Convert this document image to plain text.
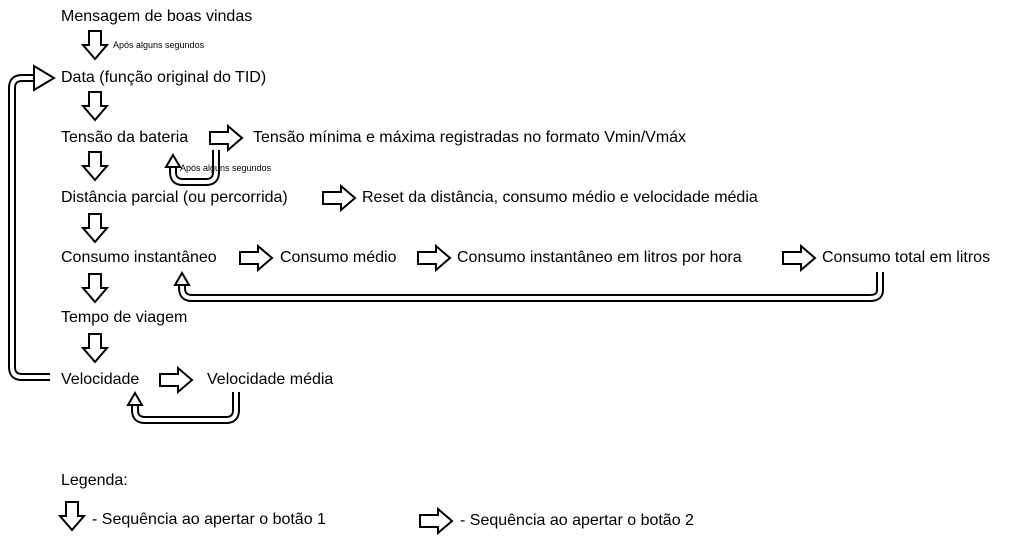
Mensagem de boas vindas
Após alguns segundos
Data (função original do TID)
Tensão da bateria	Tensão mínima e máxima registradas no formato Vmin/Vmáx
Após alguns segundos
Distância parcial (ou percorrida)	Reset da distância, consumo médio e velocidade média
Consumo instantâneo	Consumo médio	Consumo instantâneo em litros por hora	Consumo total em litros
Tempo de viagem
Velocidade	Velocidade média
Legenda:
- Sequência ao apertar o botão 1	- Sequência ao apertar o botão 2
